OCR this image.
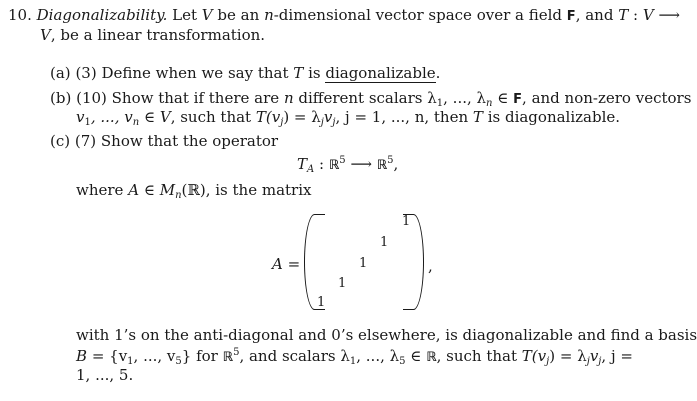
10. Diagonalizability. Let V be an n-dimensional vector space over a field F, and T : V ⟶
V, be a linear transformation.
(a) (3) Define when we say that T is diagonalizable.
(b) (10) Show that if there are n different scalars $\lambda_1$, ..., $\lambda_n$ ∈ F, and non-zero vectors
$v_1$, ..., $v_n$ ∈ V, such that $T(v_j) = \lambda_jv_j$, j = 1, ..., n, then T is diagonalizable.
(c) (7) Show that the operator
$T_A$ : ℝ$^5$ ⟶ ℝ$^5$,
where A ∈ $M_n(ℝ)$, is the matrix
A =
1
1
1
1
1
,
with 1’s on the anti-diagonal and 0’s elsewhere, is diagonalizable and find a basis
$B = \{v_1$, ..., $v_5$} for ℝ$^5$, and scalars $\lambda_1$, ..., $\lambda_5$ ∈ ℝ, such that $T(v_j) = \lambda_jv_j$, j =
1, ..., 5.
